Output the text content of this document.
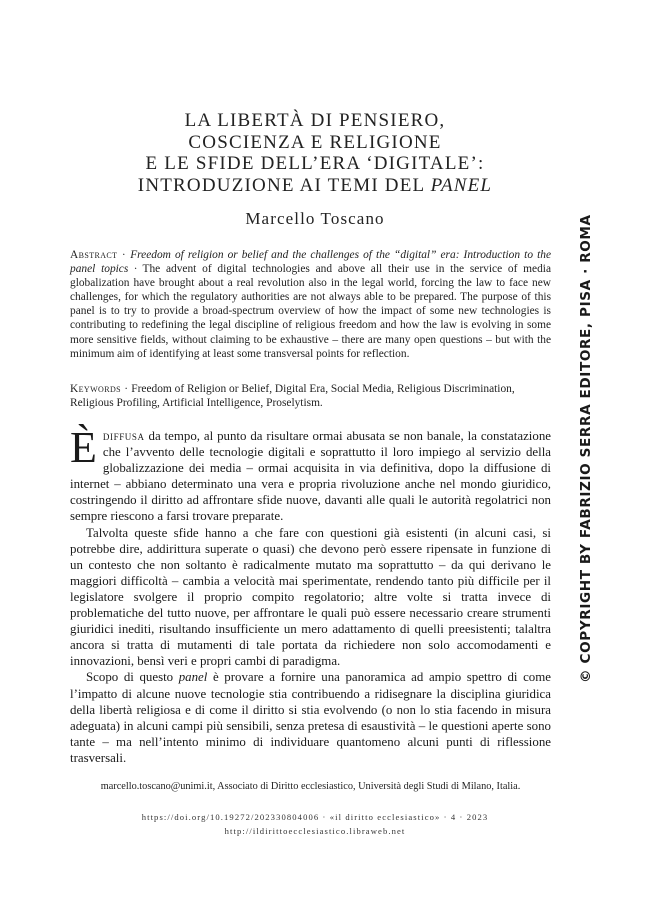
LA LIBERTÀ DI PENSIERO,
COSCIENZA E RELIGIONE
E LE SFIDE DELL’ERA ‘DIGITALE’:
INTRODUZIONE AI TEMI DEL PANEL
Marcello Toscano
Abstract · Freedom of religion or belief and the challenges of the “digital” era: Introduction to the panel topics · The advent of digital technologies and above all their use in the service of media globalization have brought about a real revolution also in the legal world, forcing the law to face new challenges, for which the regulatory authorities are not always able to be prepared. The purpose of this panel is to try to provide a broad-spectrum overview of how the impact of some new technologies is contributing to redefining the legal discipline of religious freedom and how the law is evolving in some more sensitive fields, without claiming to be exhaustive – there are many open questions – but with the minimum aim of identifying at least some transversal points for reflection.
Keywords · Freedom of Religion or Belief, Digital Era, Social Media, Religious Discrimination, Religious Profiling, Artificial Intelligence, Proselytism.

Èdiffusa da tempo, al punto da risultare ormai abusata se non banale, la constatazione che l’avvento delle tecnologie digitali e soprattutto il loro impiego al servizio della globalizzazione dei media – ormai acquisita in via definitiva, dopo la diffusione di internet – abbiano determinato una vera e propria rivoluzione anche nel mondo giuridico, costringendo il diritto ad affrontare sfide nuove, davanti alle quali le autorità regolatrici non sempre riescono a farsi trovare preparate.

Talvolta queste sfide hanno a che fare con questioni già esistenti (in alcuni casi, si potrebbe dire, addirittura superate o quasi) che devono però essere ripensate in funzione di un contesto che non soltanto è radicalmente mutato ma soprattutto – da qui derivano le maggiori difficoltà – cambia a velocità mai sperimentate, rendendo tanto più difficile per il legislatore svolgere il proprio compito regolatorio; altre volte si tratta invece di problematiche del tutto nuove, per affrontare le quali può essere necessario creare strumenti giuridici inediti, risultando insufficiente un mero adattamento di quelli preesistenti; talaltra ancora si tratta di mutamenti di tale portata da richiedere non solo accomodamenti e innovazioni, bensì veri e propri cambi di paradigma.

Scopo di questo panel è provare a fornire una panoramica ad ampio spettro di come l’impatto di alcune nuove tecnologie stia contribuendo a ridisegnare la disciplina giuridica della libertà religiosa e di come il diritto si stia evolvendo (o non lo stia facendo in misura adeguata) in alcuni campi più sensibili, senza pretesa di esaustività – le questioni aperte sono tante – ma nell’intento minimo di individuare quantomeno alcuni punti di riflessione trasversali.

marcello.toscano@unimi.it, Associato di Diritto ecclesiastico, Università degli Studi di Milano, Italia.
https://doi.org/10.19272/202330804006 · «il diritto ecclesiastico» · 4 · 2023
http://ildirittoecclesiastico.libraweb.net
© COPYRIGHT BY FABRIZIO SERRA EDITORE, PISA · ROMA
